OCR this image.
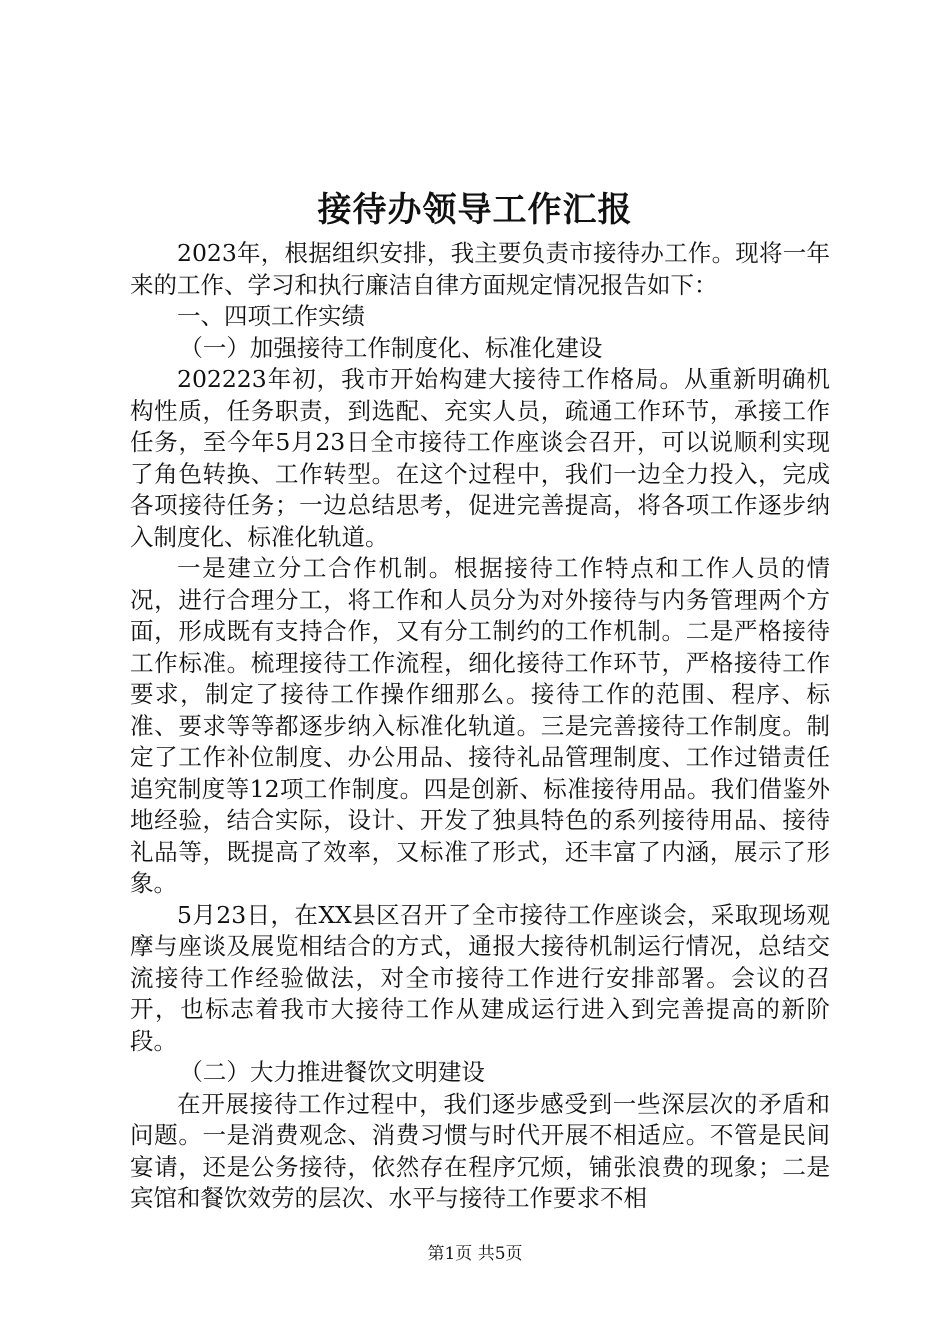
接待办领导工作汇报

2023年，根据组织安排，我主要负责市接待办工作。现将一年来的工作、学习和执行廉洁自律方面规定情况报告如下：

一、四项工作实绩

（一）加强接待工作制度化、标准化建设

202223年初，我市开始构建大接待工作格局。从重新明确机构性质，任务职责，到选配、充实人员，疏通工作环节，承接工作任务，至今年5月23日全市接待工作座谈会召开，可以说顺利实现了角色转换、工作转型。在这个过程中，我们一边全力投入，完成各项接待任务；一边总结思考，促进完善提高，将各项工作逐步纳入制度化、标准化轨道。

一是建立分工合作机制。根据接待工作特点和工作人员的情况，进行合理分工，将工作和人员分为对外接待与内务管理两个方面，形成既有支持合作，又有分工制约的工作机制。二是严格接待工作标准。梳理接待工作流程，细化接待工作环节，严格接待工作要求，制定了接待工作操作细那么。接待工作的范围、程序、标准、要求等等都逐步纳入标准化轨道。三是完善接待工作制度。制定了工作补位制度、办公用品、接待礼品管理制度、工作过错责任追究制度等12项工作制度。四是创新、标准接待用品。我们借鉴外地经验，结合实际，设计、开发了独具特色的系列接待用品、接待礼品等，既提高了效率，又标准了形式，还丰富了内涵，展示了形象。

5月23日，在XX县区召开了全市接待工作座谈会，采取现场观摩与座谈及展览相结合的方式，通报大接待机制运行情况，总结交流接待工作经验做法，对全市接待工作进行安排部署。会议的召开，也标志着我市大接待工作从建成运行进入到完善提高的新阶段。

（二）大力推进餐饮文明建设

在开展接待工作过程中，我们逐步感受到一些深层次的矛盾和问题。一是消费观念、消费习惯与时代开展不相适应。不管是民间宴请，还是公务接待，依然存在程序冗烦，铺张浪费的现象；二是宾馆和餐饮效劳的层次、水平与接待工作要求不相

第1页 共5页
